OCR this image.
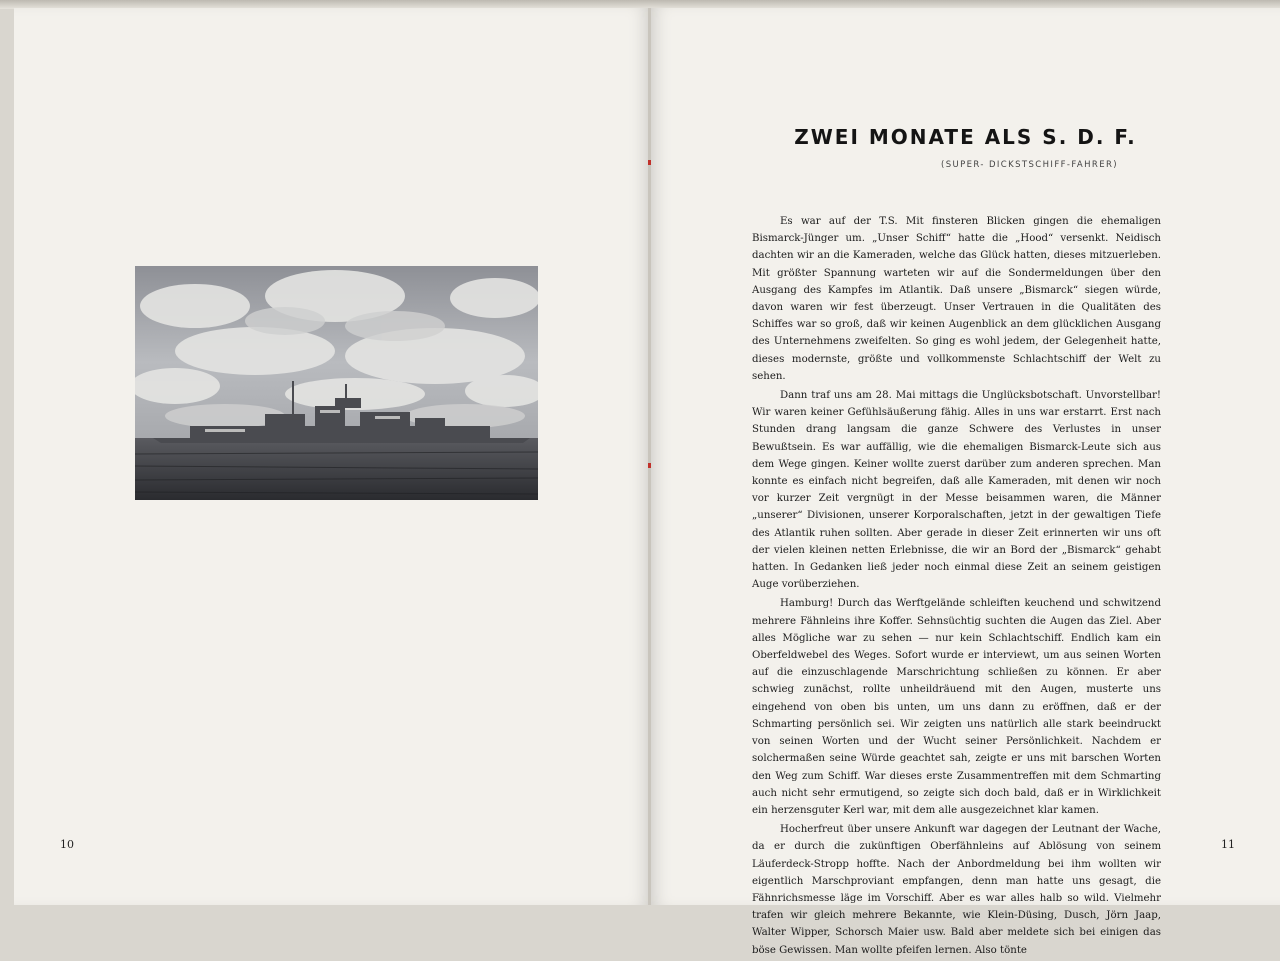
10
ZWEI MONATE ALS S. D. F.
(SUPER- DICKSTSCHIFF-FAHRER)

Es war auf der T.S. Mit finsteren Blicken gingen die ehemaligen Bismarck-Jünger um. „Unser Schiff“ hatte die „Hood“ versenkt. Neidisch dachten wir an die Kameraden, welche das Glück hatten, dieses mitzuerleben. Mit größter Spannung warteten wir auf die Sondermeldungen über den Ausgang des Kampfes im Atlantik. Daß unsere „Bismarck“ siegen würde, davon waren wir fest überzeugt. Unser Vertrauen in die Qualitäten des Schiffes war so groß, daß wir keinen Augenblick an dem glücklichen Ausgang des Unternehmens zweifelten. So ging es wohl jedem, der Gelegenheit hatte, dieses modernste, größte und vollkommenste Schlachtschiff der Welt zu sehen.

Dann traf uns am 28. Mai mittags die Unglücksbotschaft. Unvorstellbar! Wir waren keiner Gefühlsäußerung fähig. Alles in uns war erstarrt. Erst nach Stunden drang langsam die ganze Schwere des Verlustes in unser Bewußtsein. Es war auffällig, wie die ehemaligen Bismarck-Leute sich aus dem Wege gingen. Keiner wollte zuerst darüber zum anderen sprechen. Man konnte es einfach nicht begreifen, daß alle Kameraden, mit denen wir noch vor kurzer Zeit vergnügt in der Messe beisammen waren, die Männer „unserer“ Divisionen, unserer Korporalschaften, jetzt in der gewaltigen Tiefe des Atlantik ruhen sollten. Aber gerade in dieser Zeit erinnerten wir uns oft der vielen kleinen netten Erlebnisse, die wir an Bord der „Bismarck“ gehabt hatten. In Gedanken ließ jeder noch einmal diese Zeit an seinem geistigen Auge vorüberziehen.

Hamburg! Durch das Werftgelände schleiften keuchend und schwitzend mehrere Fähnleins ihre Koffer. Sehnsüchtig suchten die Augen das Ziel. Aber alles Mögliche war zu sehen — nur kein Schlachtschiff. Endlich kam ein Oberfeldwebel des Weges. Sofort wurde er interviewt, um aus seinen Worten auf die einzuschlagende Marschrichtung schließen zu können. Er aber schwieg zunächst, rollte unheildräuend mit den Augen, musterte uns eingehend von oben bis unten, um uns dann zu eröffnen, daß er der Schmarting persönlich sei. Wir zeigten uns natürlich alle stark beeindruckt von seinen Worten und der Wucht seiner Persönlichkeit. Nachdem er solchermaßen seine Würde geachtet sah, zeigte er uns mit barschen Worten den Weg zum Schiff. War dieses erste Zusammentreffen mit dem Schmarting auch nicht sehr ermutigend, so zeigte sich doch bald, daß er in Wirklichkeit ein herzensguter Kerl war, mit dem alle ausgezeichnet klar kamen.

Hocherfreut über unsere Ankunft war dagegen der Leutnant der Wache, da er durch die zukünftigen Oberfähnleins auf Ablösung von seinem Läuferdeck-Stropp hoffte. Nach der Anbordmeldung bei ihm wollten wir eigentlich Marschproviant empfangen, denn man hatte uns gesagt, die Fähnrichsmesse läge im Vorschiff. Aber es war alles halb so wild. Vielmehr trafen wir gleich mehrere Bekannte, wie Klein-Düsing, Dusch, Jörn Jaap, Walter Wipper, Schorsch Maier usw. Bald aber meldete sich bei einigen das böse Gewissen. Man wollte pfeifen lernen. Also tönte

11
